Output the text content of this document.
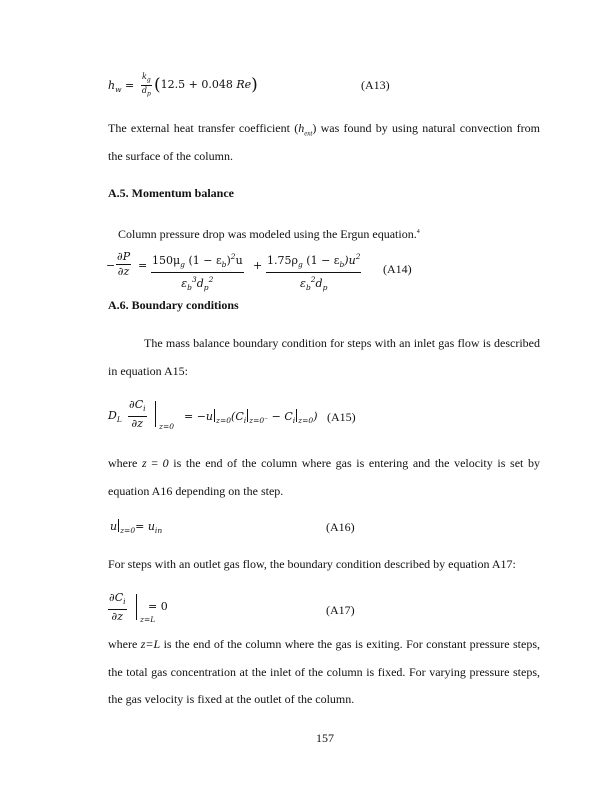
$h_w = \frac{k_g}{d_p} (12.5 + 0.048$ Re)	(A13)
The external heat transfer coefficient $(h_{ext})$ was found by using natural convection from
the surface of the column.
A.5. Momentum balance
Column pressure drop was modeled using the Ergun equation.$^4$
− $\frac{\partial P}{\partial z} = \frac{150\mu_g (1 - \varepsilon_b)^2u}{\varepsilon_b^3d_p^2} + \frac{1.75\rho_g (1 - \varepsilon_b)u^2}{\varepsilon_b^2d_p} (A14)$
A.6. Boundary conditions
The mass balance boundary condition for steps with an inlet gas flow is described
in equation A15:
$D_L \frac{\partial C_i}{\partial z} z=0$
= −u $_{z=0}(C_i$ $_{z=0^-} - C_i$ $_{z=0}$) (A15)
where z = 0 is the end of the column where gas is entering and the velocity is set by
equation A16 depending on the step.
u $_{z=0}= u_{in}$	(A16)
For steps with an outlet gas flow, the boundary condition described by equation A17:
$\frac{\partial C_i}{\partial z} z=L$
= 0	(A17)
where z=L is the end of the column where the gas is exiting. For constant pressure steps,
the total gas concentration at the inlet of the column is fixed. For varying pressure steps,
the gas velocity is fixed at the outlet of the column.
157
